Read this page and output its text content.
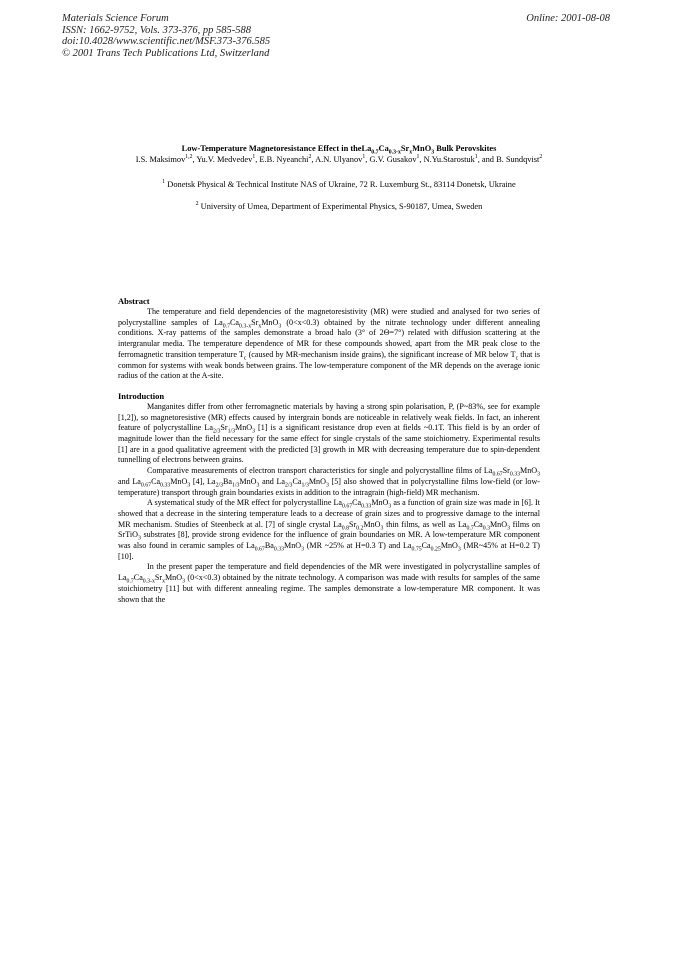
Materials Science Forum
ISSN: 1662-9752, Vols. 373-376, pp 585-588
doi:10.4028/www.scientific.net/MSF.373-376.585
© 2001 Trans Tech Publications Ltd, Switzerland
Online: 2001-08-08
Low-Temperature Magnetoresistance Effect in $theLa_{0.7}Ca_{0.3-x}Sr_xMnO_3$ Bulk Perovskites
I.S. Maksimov$^{1,2}$, Yu.V. Medvedev$^1$, E.B. Nyeanchi$^2$, A.N. Ulyanov$^1$, G.V. Gusakov$^1$, N.Yu.Starostuk$^1$, and B. Sundqvist$^2$
$^1$ Donetsk Physical & Technical Institute NAS of Ukraine, 72 R. Luxemburg St., 83114 Donetsk, Ukraine
$^2$ University of Umea, Department of Experimental Physics, S-90187, Umea, Sweden
Abstract

The temperature and field dependencies of the magnetoresistivity (MR) were studied and analysed for two series of polycrystalline samples of $La_{0.7}Ca_{0.3-x}Sr_xMnO_3$ (0<x<0.3) obtained by the nitrate technology under different annealing conditions. X-ray patterns of the samples demonstrate a broad halo (3° of 2Θ=7°) related with diffusion scattering at the intergranular media. The temperature dependence of MR for these compounds showed, apart from the MR peak close to the ferromagnetic transition temperature $T_c$ (caused by MR-mechanism inside grains), the significant increase of MR below $T_c$ that is common for systems with weak bonds between grains. The low-temperature component of the MR depends on the average ionic radius of the cation at the A-site.

Introduction

Manganites differ from other ferromagnetic materials by having a strong spin polarisation, P, (P~83%, see for example [1,2]), so magnetoresistive (MR) effects caused by intergrain bonds are noticeable in relatively weak fields. In fact, an inherent feature of polycrystalline $La_{2/3}Sr_{1/3}MnO_3$ [1] is a significant resistance drop even at fields ~0.1T. This field is by an order of magnitude lower than the field necessary for the same effect for single crystals of the same stoichiometry. Experimental results [1] are in a good qualitative agreement with the predicted [3] growth in MR with decreasing temperature due to spin-dependent tunnelling of electrons between grains.

Comparative measurements of electron transport characteristics for single and polycrystalline films of $La_{0.67}Sr_{0.33}MnO_3$ and $La_{0.67}Ca_{0.33}MnO_3$ [4], $La_{2/3}Ba_{1/3}MnO_3$ and $La_{2/3}Ca_{1/3}MnO_3$ [5] also showed that in polycrystalline films low-field (or low-temperature) transport through grain boundaries exists in addition to the intragrain (high-field) MR mechanism.

A systematical study of the MR effect for polycrystalline $La_{0.67}Ca_{0.33}MnO_3$ as a function of grain size was made in [6]. It showed that a decrease in the sintering temperature leads to a decrease of grain sizes and to progressive damage to the internal MR mechanism. Studies of Steenbeck at al. [7] of single crystal $La_{0.8}Sr_{0.2}MnO_3$ thin films, as well as $La_{0.7}Ca_{0.3}MnO_3$ films on SrTiO$_3$ substrates [8], provide strong evidence for the influence of grain boundaries on MR. A low-temperature MR component was also found in ceramic samples of $La_{0.67}Ba_{0.33}MnO_3$ (MR ~25% at H=0.3 T) and $La_{0.75}Ca_{0.25}MnO_3$ (MR~45% at H=0.2 T) [10].

In the present paper the temperature and field dependencies of the MR were investigated in polycrystalline samples of $La_{0.7}Ca_{0.3-x}Sr_xMnO_3$ (0<x<0.3) obtained by the nitrate technology. A comparison was made with results for samples of the same stoichiometry [11] but with different annealing regime. The samples demonstrate a low-temperature MR component. It was shown that the
